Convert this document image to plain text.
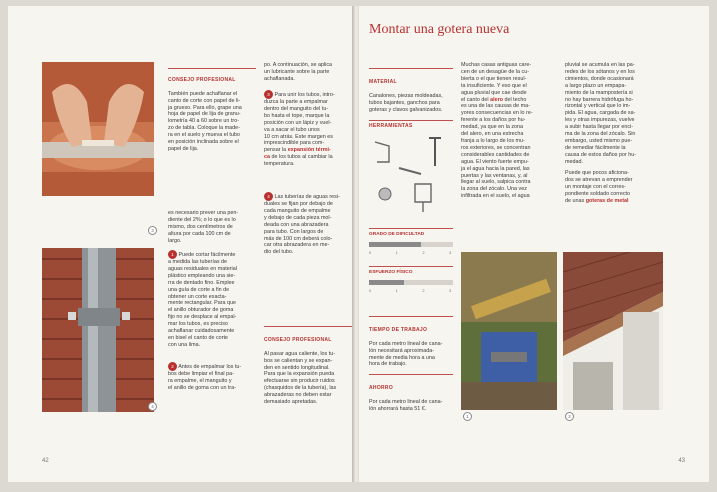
3

CONSEJO PROFESIONAL

También puede achaflanar el
canto de corte con papel de li-
ja grueso. Para ello, grape una
hoja de papel de lija de granu-
lometría 40 a 60 sobre un tro-
zo de tabla. Coloque la made-
ra en el suelo y mueva el tubo
en posición inclinada sobre el
papel de lija.

4
es necesario prever una pen-
diente del 2%; o lo que es lo
mismo, dos centímetros de
altura por cada 100 cm de
largo.
1 Puede cortar fácilmente
a medida las tuberías de
aguas residuales en material
plástico empleando una sie-
rra de dentado fino. Emplee
una guía de corte a fin de
obtener un corte exacta-
mente rectangular. Para que
el anillo obturador de goma
fijo no se desplace al empal-
mar los tubos, es preciso
achaflanar cuidadosamente
en bisel el canto de corte
con una lima.
2 Antes de empalmar los tu-
bos debe limpiar el final pa-
ra empalme, el manguito y
el anillo de goma con un tra-
po. A continuación, se aplica
un lubricante sobre la parte
achaflanada.
3 Para unir los tubos, intro-
duzca la parte a empalmar
dentro del manguito del tu-
bo hasta el tope, marque la
posición con un lápiz y vuel-
va a sacar el tubo unos
10 cm atrás. Este margen es
imprescindible para com-
pensar la expansión térmi-
ca de los tubos al cambiar la
temperatura.
4 Las tuberías de aguas resi-
duales se fijan por debajo de
cada manguito de empalme
y debajo de cada pieza mol-
deada con una abrazadera
para tubo. Con largos de
más de 100 cm deberá colo-
car otra abrazadera en me-
dio del tubo.

CONSEJO PROFESIONAL

Al pasar agua caliente, los tu-
bos se calientan y se expan-
den en sentido longitudinal.
Para que la expansión pueda
efectuarse sin producir ruidos
(chasquidos de la tubería), las
abrazaderas no deben estar
demasiado apretadas.

42
Montar una gotera nueva

MATERIAL

Canalones, piezas moldeadas,
tubos bajantes, ganchos para
goteras y clavos galvanizados.

HERRAMIENTAS
GRADO DE DIFICULTAD
0	1	2	3
ESFUERZO FÍSICO
0	1	2	3

TIEMPO DE TRABAJO

Por cada metro lineal de cana-
lón necesitará aproximada-
mente de media hora a una
hora de trabajo.

AHORRO

Por cada metro lineal de cana-
lón ahorrará hasta 51 €.

Muchas casas antiguas care-
cen de un desagüe de la cu-
bierta o el que tienen resul-
ta insuficiente. Y eso que el
agua pluvial que cae desde
el canto del alero del techo
es una de las causas de ma-
yores consecuencias en lo re-
ferente a los daños por hu-
medad, ya que en la zona
del alero, en una estrecha
franja a lo largo de los mu-
ros exteriores, se concentran
considerables cantidades de
agua. El viento fuerte empu-
ja el agua hacia la pared, las
puertas y las ventanas, y, al
llegar al suelo, salpica contra
la zona del zócalo. Una vez
infiltrada en el suelo, el agua
pluvial se acumula en las pa-
redes de los sótanos y en los
cimientos, donde ocasionará
a largo plazo un empapa-
miento de la mampostería si
no hay barrera hidrófuga ho-
rizontal y vertical que lo im-
pida. El agua, cargada de sa-
les y otras impurezas, vuelve
a subir hasta llegar por enci-
ma de la zona del zócalo. Sin
embargo, usted mismo pue-
de remediar fácilmente la
causa de estos daños por hu-
medad.
Puede que pocos aficiona-
dos se atrevan a emprender
un montaje con el corres-
pondiente soldado correcto
de unas goteras de metal
1	2
43
